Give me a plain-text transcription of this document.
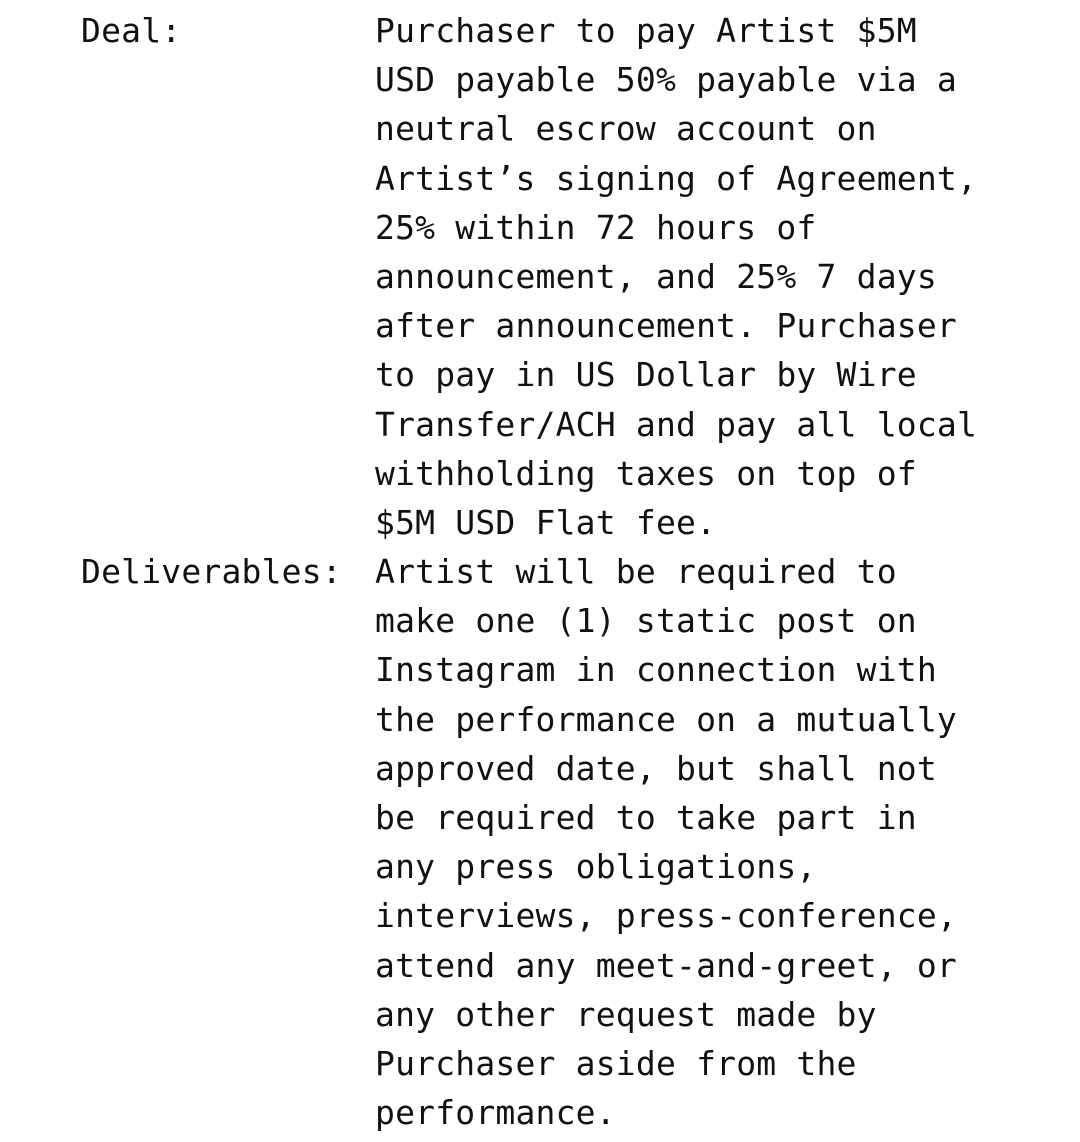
Deal:	Purchaser to pay Artist $5M
USD payable 50% payable via a
neutral escrow account on
Artist’s signing of Agreement,
25% within 72 hours of
announcement, and 25% 7 days
after announcement. Purchaser
to pay in US Dollar by Wire
Transfer/ACH and pay all local
withholding taxes on top of
$5M USD Flat fee.
Deliverables: Artist will be required to
make one (1) static post on
Instagram in connection with
the performance on a mutually
approved date, but shall not
be required to take part in
any press obligations,
interviews, press-conference,
attend any meet-and-greet, or
any other request made by
Purchaser aside from the
performance.
